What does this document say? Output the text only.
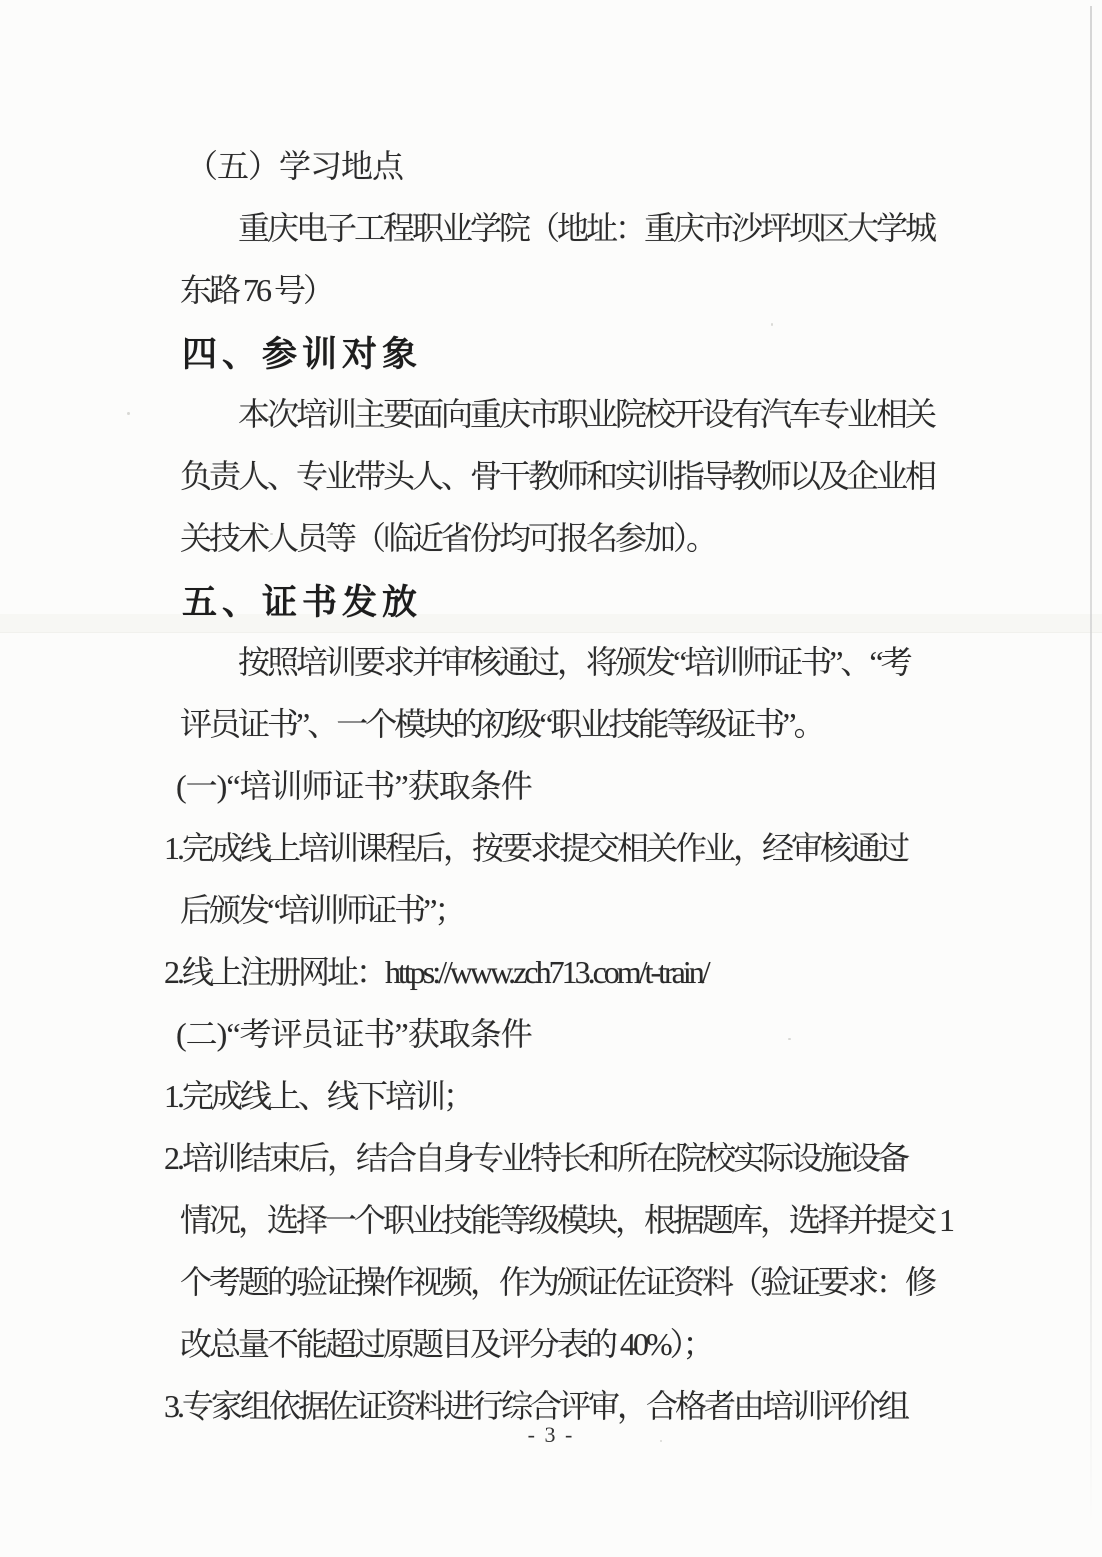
（五）学习地点
重庆电子工程职业学院（地址：重庆市沙坪坝区大学城
东路 76 号）
四、参训对象
本次培训主要面向重庆市职业院校开设有汽车专业相关
负责人、专业带头人、骨干教师和实训指导教师以及企业相
关技术人员等（临近省份均可报名参加）。
五、证书发放
按照培训要求并审核通过，将颁发“培训师证书”、“考
评员证书”、一个模块的初级“职业技能等级证书”。
(一)“培训师证书”获取条件
1.完成线上培训课程后，按要求提交相关作业，经审核通过
后颁发“培训师证书”；
2.线上注册网址：https://www.zch713.com/t-train/
(二)“考评员证书”获取条件
1.完成线上、线下培训；
2.培训结束后，结合自身专业特长和所在院校实际设施设备
情况，选择一个职业技能等级模块，根据题库，选择并提交 1
个考题的验证操作视频，作为颁证佐证资料（验证要求：修
改总量不能超过原题目及评分表的 40%）；
3.专家组依据佐证资料进行综合评审，合格者由培训评价组
- 3 -
